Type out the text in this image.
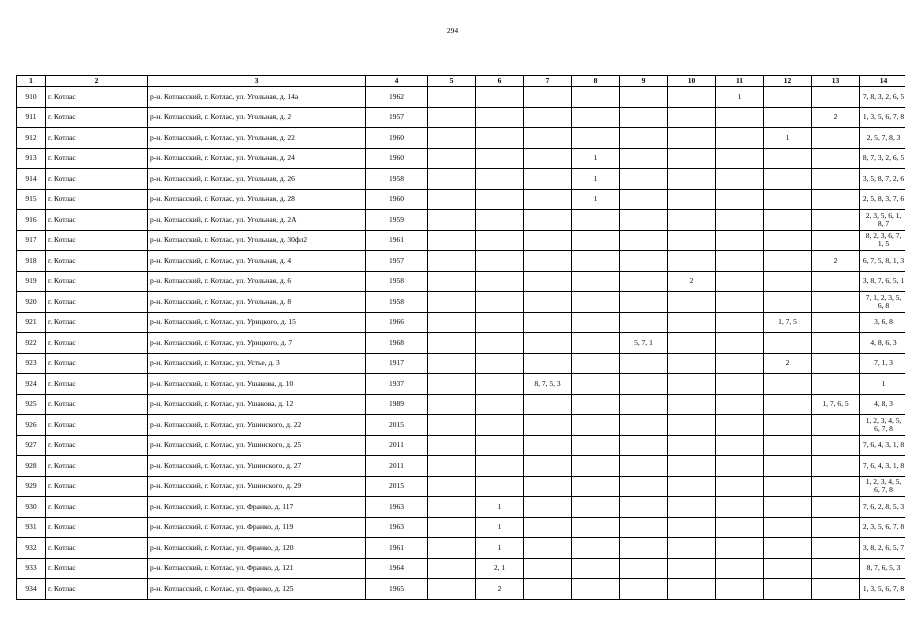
294
1	2	3	4	5	6	7	8	9	10	11	12	13	14
910	г. Котлас	р-н. Котласский, г. Котлас, ул. Угольная, д. 14а	1962							1			7, 8, 3, 2, 6, 5
911	г. Котлас	р-н. Котласский, г. Котлас, ул. Угольная, д. 2	1957									2	1, 3, 5, 6, 7, 8
912	г. Котлас	р-н. Котласский, г. Котлас, ул. Угольная, д. 22	1960								1		2, 5, 7, 8, 3
913	г. Котлас	р-н. Котласский, г. Котлас, ул. Угольная, д. 24	1960				1						8, 7, 3, 2, 6, 5
914	г. Котлас	р-н. Котласский, г. Котлас, ул. Угольная, д. 26	1958				1						3, 5, 8, 7, 2, 6
915	г. Котлас	р-н. Котласский, г. Котлас, ул. Угольная, д. 28	1960				1						2, 5, 8, 3, 7, 6
916	г. Котлас	р-н. Котласский, г. Котлас, ул. Угольная, д. 2А	1959										2, 3, 5, 6, 1, 8, 7
917	г. Котлас	р-н. Котласский, г. Котлас, ул. Угольная, д. 30фл2	1961										8, 2, 3, 6, 7, 1, 5
918	г. Котлас	р-н. Котласский, г. Котлас, ул. Угольная, д. 4	1957									2	6, 7, 5, 8, 1, 3
919	г. Котлас	р-н. Котласский, г. Котлас, ул. Угольная, д. 6	1958						2				3, 8, 7, 6, 5, 1
920	г. Котлас	р-н. Котласский, г. Котлас, ул. Угольная, д. 8	1958										7, 1, 2, 3, 5, 6, 8
921	г. Котлас	р-н. Котласский, г. Котлас, ул. Урицкого, д. 15	1966								1, 7, 5		3, 6, 8
922	г. Котлас	р-н. Котласский, г. Котлас, ул. Урицкого, д. 7	1968					5, 7, 1					4, 8, 6, 3
923	г. Котлас	р-н. Котласский, г. Котлас, ул. Устье, д. 3	1917								2		7, 1, 3
924	г. Котлас	р-н. Котласский, г. Котлас, ул. Ушакова, д. 10	1937			8, 7, 5, 3							1
925	г. Котлас	р-н. Котласский, г. Котлас, ул. Ушакова, д. 12	1989									1, 7, 6, 5	4, 8, 3
926	г. Котлас	р-н. Котласский, г. Котлас, ул. Ушинского, д. 22	2015										1, 2, 3, 4, 5, 6, 7, 8
927	г. Котлас	р-н. Котласский, г. Котлас, ул. Ушинского, д. 25	2011										7, 6, 4, 3, 1, 8
928	г. Котлас	р-н. Котласский, г. Котлас, ул. Ушинского, д. 27	2011										7, 6, 4, 3, 1, 8
929	г. Котлас	р-н. Котласский, г. Котлас, ул. Ушинского, д. 29	2015										1, 2, 3, 4, 5, 6, 7, 8
930	г. Котлас	р-н. Котласский, г. Котлас, ул. Франко, д. 117	1963		1								7, 6, 2, 8, 5, 3
931	г. Котлас	р-н. Котласский, г. Котлас, ул. Франко, д. 119	1963		1								2, 3, 5, 6, 7, 8
932	г. Котлас	р-н. Котласский, г. Котлас, ул. Франко, д. 120	1961		1								3, 8, 2, 6, 5, 7
933	г. Котлас	р-н. Котласский, г. Котлас, ул. Франко, д. 121	1964		2, 1								8, 7, 6, 5, 3
934	г. Котлас	р-н. Котласский, г. Котлас, ул. Франко, д. 125	1965		2								1, 3, 5, 6, 7, 8
